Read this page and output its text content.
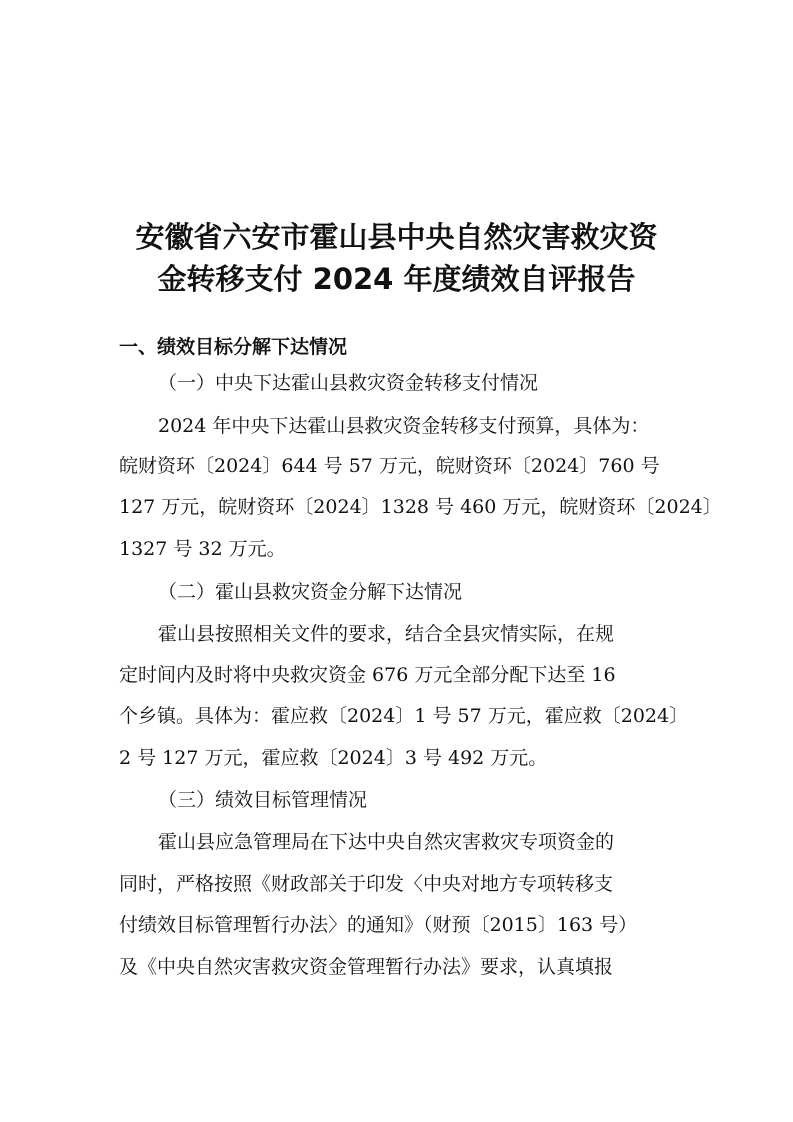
安徽省六安市霍山县中央自然灾害救灾资
金转移支付 2024 年度绩效自评报告
一、绩效目标分解下达情况
（一）中央下达霍山县救灾资金转移支付情况
2024 年中央下达霍山县救灾资金转移支付预算，具体为：
皖财资环〔2024〕644 号 57 万元，皖财资环〔2024〕760 号
127 万元，皖财资环〔2024〕1328 号 460 万元，皖财资环〔2024〕
1327 号 32 万元。
（二）霍山县救灾资金分解下达情况
霍山县按照相关文件的要求，结合全县灾情实际，在规
定时间内及时将中央救灾资金 676 万元全部分配下达至 16
个乡镇。具体为：霍应救〔2024〕1 号 57 万元，霍应救〔2024〕
2 号 127 万元，霍应救〔2024〕3 号 492 万元。
（三）绩效目标管理情况
霍山县应急管理局在下达中央自然灾害救灾专项资金的
同时，严格按照《财政部关于印发〈中央对地方专项转移支
付绩效目标管理暂行办法〉的通知》（财预〔2015〕163 号）
及《中央自然灾害救灾资金管理暂行办法》要求，认真填报
